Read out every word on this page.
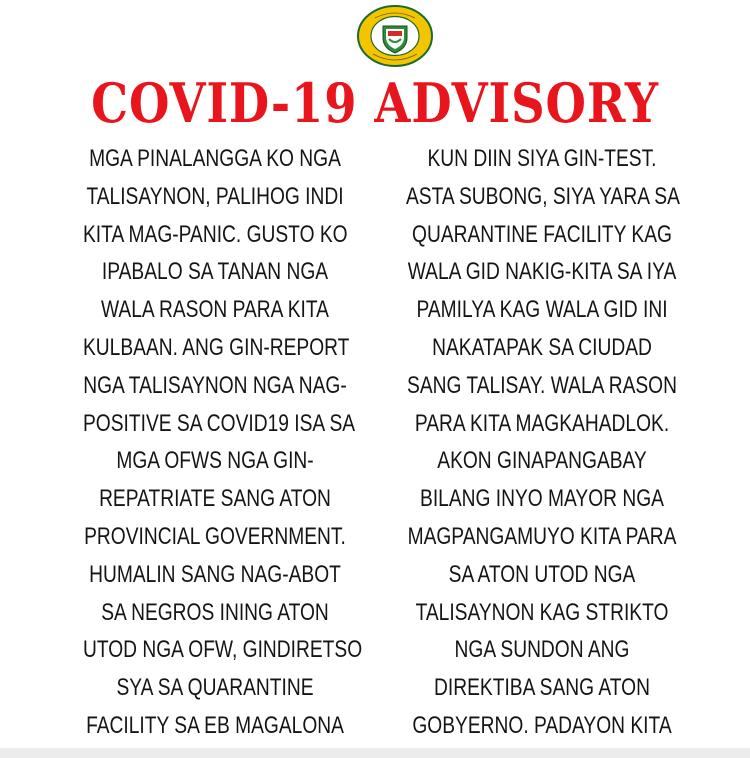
COVID-19 ADVISORY
MGA PINALANGGA KO NGA
TALISAYNON, PALIHOG INDI
KITA MAG-PANIC. GUSTO KO
IPABALO SA TANAN NGA
WALA RASON PARA KITA
KULBAAN. ANG GIN-REPORT
NGA TALISAYNON NGA NAG-
POSITIVE SA COVID19 ISA SA
MGA OFWS NGA GIN-
REPATRIATE SANG ATON
PROVINCIAL GOVERNMENT.
HUMALIN SANG NAG-ABOT
SA NEGROS INING ATON
UTOD NGA OFW, GINDIRETSO
SYA SA QUARANTINE
FACILITY SA EB MAGALONA
KUN DIIN SIYA GIN-TEST.
ASTA SUBONG, SIYA YARA SA
QUARANTINE FACILITY KAG
WALA GID NAKIG-KITA SA IYA
PAMILYA KAG WALA GID INI
NAKATAPAK SA CIUDAD
SANG TALISAY. WALA RASON
PARA KITA MAGKAHADLOK.
AKON GINAPANGABAY
BILANG INYO MAYOR NGA
MAGPANGAMUYO KITA PARA
SA ATON UTOD NGA
TALISAYNON KAG STRIKTO
NGA SUNDON ANG
DIREKTIBA SANG ATON
GOBYERNO. PADAYON KITA
